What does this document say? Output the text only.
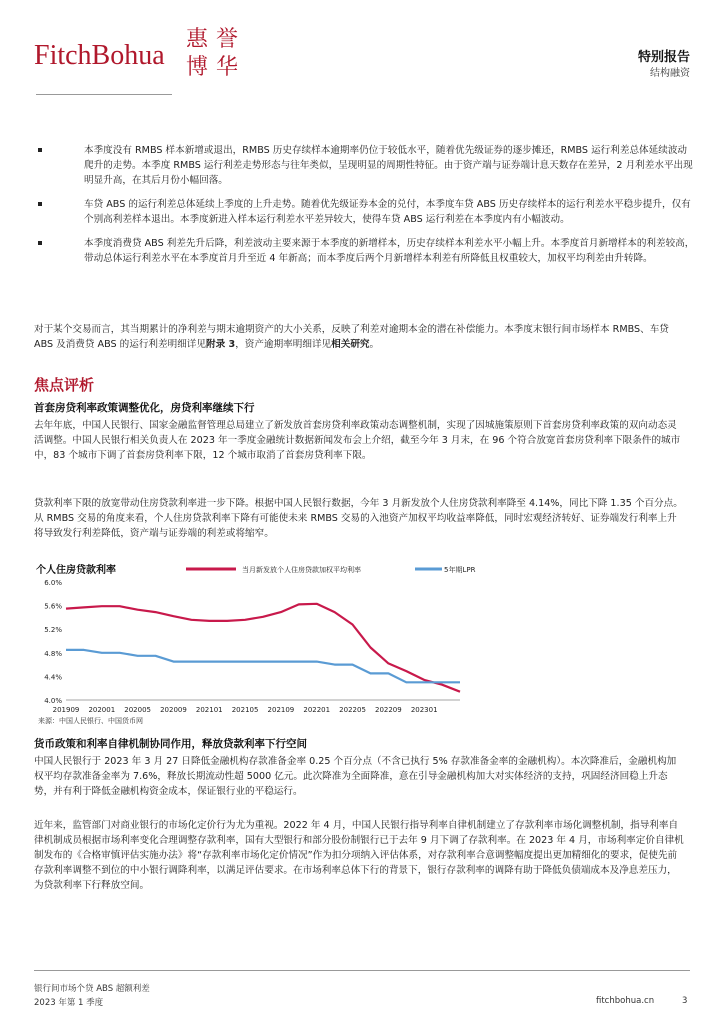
FitchBohua
惠 誉
博 华	特别报告
结构融资
本季度没有 RMBS 样本新增或退出，RMBS 历史存续样本逾期率仍位于较低水平，随着优先级证券的逐步摊还，RMBS 运行利差总体延续波动爬升的走势。本季度 RMBS 运行利差走势形态与往年类似，呈现明显的周期性特征。由于资产端与证券端计息天数存在差异，2 月利差水平出现明显升高，在其后月份小幅回落。
车贷 ABS 的运行利差总体延续上季度的上升走势。随着优先级证券本金的兑付，本季度车贷 ABS 历史存续样本的运行利差水平稳步提升，仅有个别高利差样本退出。本季度新进入样本运行利差水平差异较大，使得车贷 ABS 运行利差在本季度内有小幅波动。
本季度消费贷 ABS 利差先升后降，利差波动主要来源于本季度的新增样本，历史存续样本利差水平小幅上升。本季度首月新增样本的利差较高，带动总体运行利差水平在本季度首月升至近 4 年新高；而本季度后两个月新增样本利差有所降低且权重较大，加权平均利差由升转降。
对于某个交易而言，其当期累计的净利差与期末逾期资产的大小关系，反映了利差对逾期本金的潜在补偿能力。本季度末银行间市场样本 RMBS、车贷 ABS 及消费贷 ABS 的运行利差明细详见附录 3，资产逾期率明细详见相关研究。
焦点评析
首套房贷利率政策调整优化，房贷利率继续下行
去年年底，中国人民银行、国家金融监督管理总局建立了新发放首套房贷利率政策动态调整机制，实现了因城施策原则下首套房贷利率政策的双向动态灵活调整。中国人民银行相关负责人在 2023 年一季度金融统计数据新闻发布会上介绍，截至今年 3 月末，在 96 个符合放宽首套房贷利率下限条件的城市中，83 个城市下调了首套房贷利率下限，12 个城市取消了首套房贷利率下限。
贷款利率下限的放宽带动住房贷款利率进一步下降。根据中国人民银行数据，今年 3 月新发放个人住房贷款利率降至 4.14%，同比下降 1.35 个百分点。从 RMBS 交易的角度来看，个人住房贷款利率下降有可能使未来 RMBS 交易的入池资产加权平均收益率降低，同时宏观经济转好、证券端发行利率上升将导致发行利差降低，资产端与证券端的利差或将缩窄。
个人住房贷款利率	当月新发放个人住房贷款加权平均利率	5年期LPR
4.0%
4.4%
4.8%
5.2%
5.6%
6.0%
201909 202001 202005 202009 202101 202105 202109 202201 202205 202209 202301
来源：中国人民银行、中国货币网
货币政策和利率自律机制协同作用，释放贷款利率下行空间
中国人民银行于 2023 年 3 月 27 日降低金融机构存款准备金率 0.25 个百分点（不含已执行 5% 存款准备金率的金融机构）。本次降准后，金融机构加权平均存款准备金率为 7.6%，释放长期流动性超 5000 亿元。此次降准为全面降准，意在引导金融机构加大对实体经济的支持，巩固经济回稳上升态势，并有利于降低金融机构资金成本，保证银行业的平稳运行。
近年来，监管部门对商业银行的市场化定价行为尤为重视。2022 年 4 月，中国人民银行指导利率自律机制建立了存款利率市场化调整机制，指导利率自律机制成员根据市场利率变化合理调整存款利率，国有大型银行和部分股份制银行已于去年 9 月下调了存款利率。在 2023 年 4 月，市场利率定价自律机制发布的《合格审慎评估实施办法》将“存款利率市场化定价情况”作为扣分项纳入评估体系，对存款利率合意调整幅度提出更加精细化的要求，促使先前存款利率调整不到位的中小银行调降利率，以满足评估要求。在市场利率总体下行的背景下，银行存款利率的调降有助于降低负债端成本及净息差压力，为贷款利率下行释放空间。
银行间市场个贷 ABS 超额利差
2023 年第 1 季度	fitchbohua.cn	3
